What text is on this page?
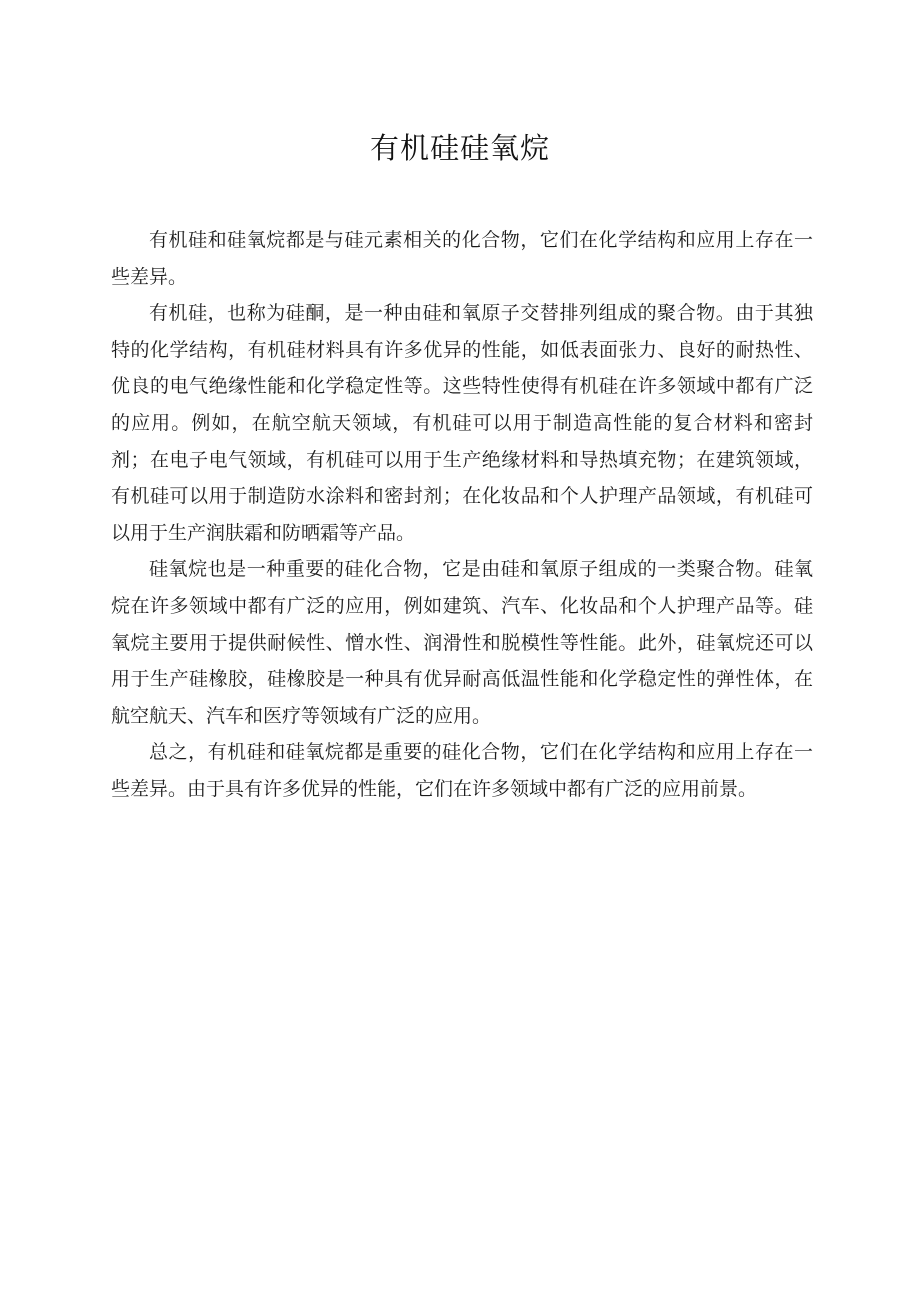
有机硅硅氧烷

有机硅和硅氧烷都是与硅元素相关的化合物，它们在化学结构和应用上存在一些差异。

有机硅，也称为硅酮，是一种由硅和氧原子交替排列组成的聚合物。由于其独特的化学结构，有机硅材料具有许多优异的性能，如低表面张力、良好的耐热性、优良的电气绝缘性能和化学稳定性等。这些特性使得有机硅在许多领域中都有广泛的应用。例如，在航空航天领域，有机硅可以用于制造高性能的复合材料和密封剂；在电子电气领域，有机硅可以用于生产绝缘材料和导热填充物；在建筑领域，有机硅可以用于制造防水涂料和密封剂；在化妆品和个人护理产品领域，有机硅可以用于生产润肤霜和防晒霜等产品。

硅氧烷也是一种重要的硅化合物，它是由硅和氧原子组成的一类聚合物。硅氧烷在许多领域中都有广泛的应用，例如建筑、汽车、化妆品和个人护理产品等。硅氧烷主要用于提供耐候性、憎水性、润滑性和脱模性等性能。此外，硅氧烷还可以用于生产硅橡胶，硅橡胶是一种具有优异耐高低温性能和化学稳定性的弹性体，在航空航天、汽车和医疗等领域有广泛的应用。

总之，有机硅和硅氧烷都是重要的硅化合物，它们在化学结构和应用上存在一些差异。由于具有许多优异的性能，它们在许多领域中都有广泛的应用前景。
